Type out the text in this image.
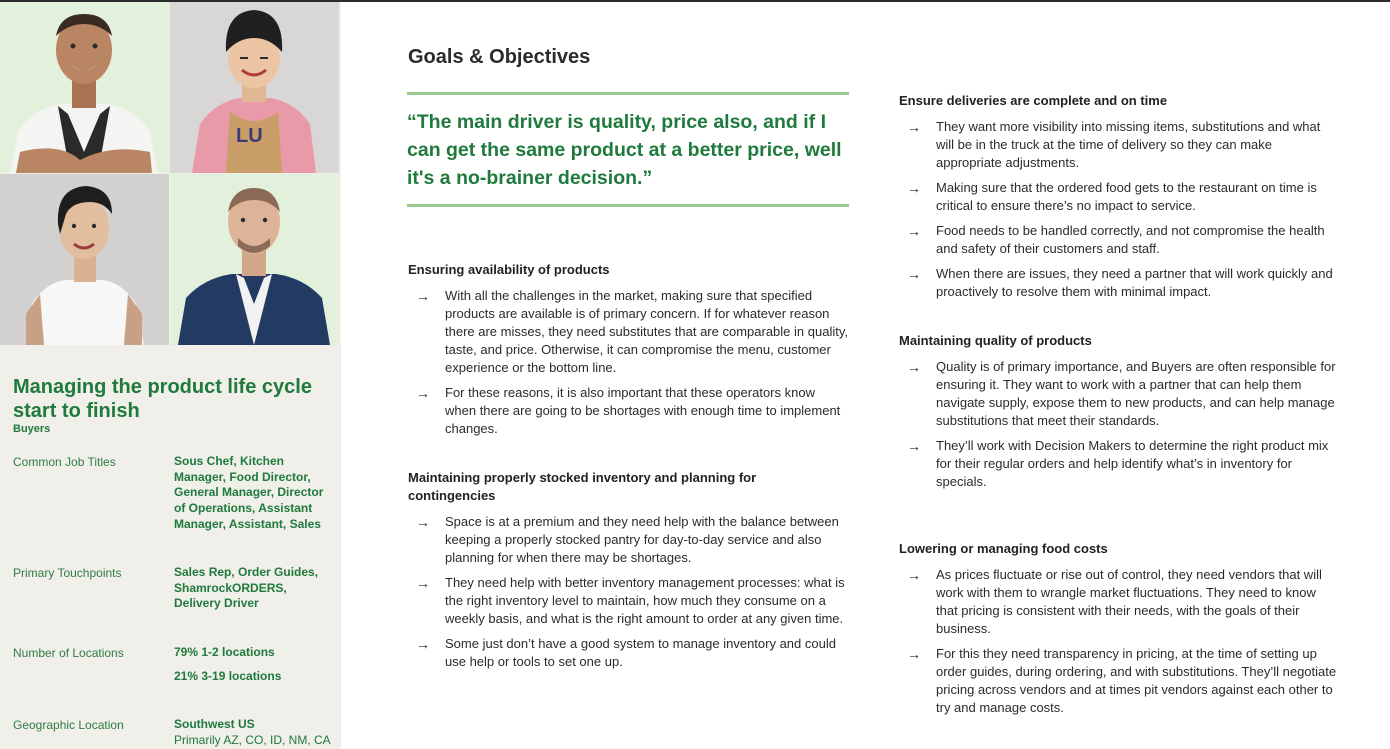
LU
Managing the product life cycle start to finish
Buyers
Common Job Titles	Sous Chef, Kitchen Manager, Food Director, General Manager, Director of Operations, Assistant Manager, Assistant, Sales

Primary Touchpoints	Sales Rep, Order Guides, ShamrockORDERS, Delivery Driver

Number of Locations	79% 1-2 locations

21% 3-19 locations

Geographic Location	Southwest US

Primarily AZ, CO, ID, NM, CA

Goals & Objectives

“The main driver is quality, price also, and if I can get the same product at a better price, well it's a no-brainer decision.”

Ensuring availability of products
→	With all the challenges in the market, making sure that specified products are available is of primary concern. If for whatever reason there are misses, they need substitutes that are comparable in quality, taste, and price. Otherwise, it can compromise the menu, customer experience or the bottom line.
→	For these reasons, it is also important that these operators know when there are going to be shortages with enough time to implement changes.
Maintaining properly stocked inventory and planning for contingencies
→	Space is at a premium and they need help with the balance between keeping a properly stocked pantry for day-to-day service and also planning for when there may be shortages.
→	They need help with better inventory management processes: what is the right inventory level to maintain, how much they consume on a weekly basis, and what is the right amount to order at any given time.
→	Some just don’t have a good system to manage inventory and could use help or tools to set one up.
Ensure deliveries are complete and on time
→	They want more visibility into missing items, substitutions and what will be in the truck at the time of delivery so they can make appropriate adjustments.
→	Making sure that the ordered food gets to the restaurant on time is critical to ensure there’s no impact to service.
→	Food needs to be handled correctly, and not compromise the health and safety of their customers and staff.
→	When there are issues, they need a partner that will work quickly and proactively to resolve them with minimal impact.
Maintaining quality of products
→	Quality is of primary importance, and Buyers are often responsible for ensuring it. They want to work with a partner that can help them navigate supply, expose them to new products, and can help manage substitutions that meet their standards.
→	They’ll work with Decision Makers to determine the right product mix for their regular orders and help identify what’s in inventory for specials.
Lowering or managing food costs
→	As prices fluctuate or rise out of control, they need vendors that will work with them to wrangle market fluctuations. They need to know that pricing is consistent with their needs, with the goals of their business.
→	For this they need transparency in pricing, at the time of setting up order guides, during ordering, and with substitutions. They’ll negotiate pricing across vendors and at times pit vendors against each other to try and manage costs.
